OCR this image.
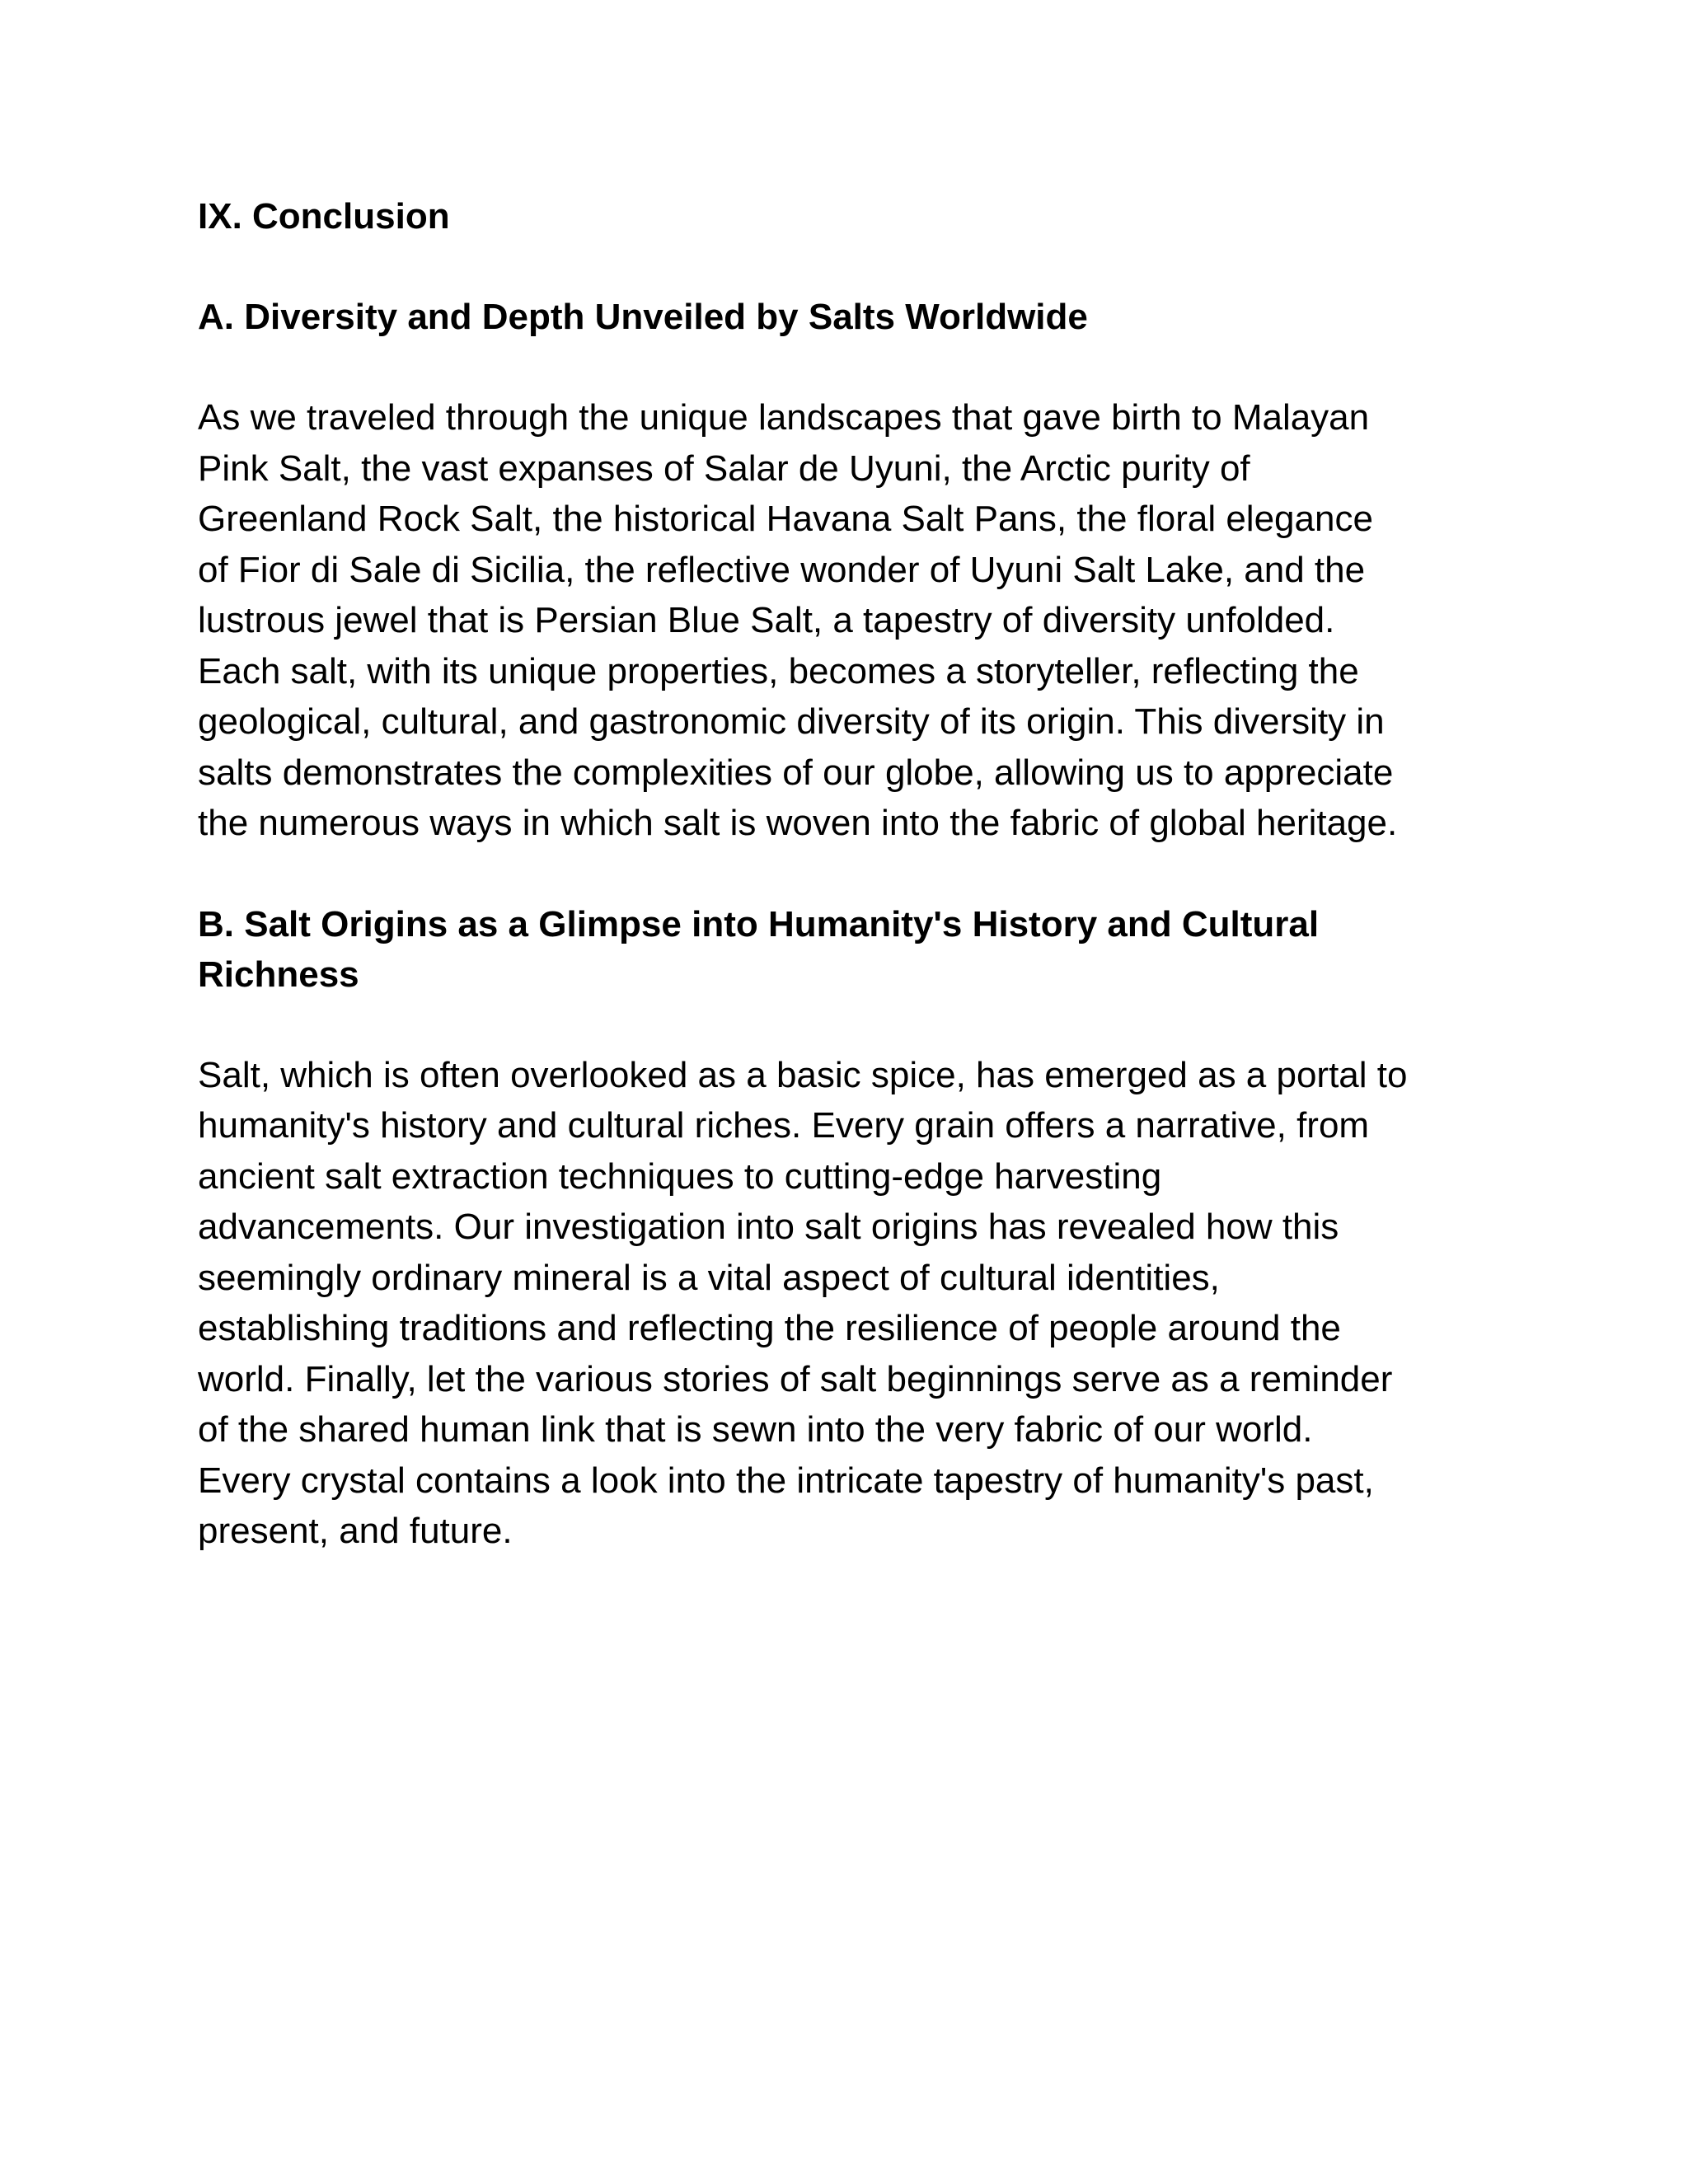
IX. Conclusion
A. Diversity and Depth Unveiled by Salts Worldwide
As we traveled through the unique landscapes that gave birth to Malayan
Pink Salt, the vast expanses of Salar de Uyuni, the Arctic purity of
Greenland Rock Salt, the historical Havana Salt Pans, the floral elegance
of Fior di Sale di Sicilia, the reflective wonder of Uyuni Salt Lake, and the
lustrous jewel that is Persian Blue Salt, a tapestry of diversity unfolded.
Each salt, with its unique properties, becomes a storyteller, reflecting the
geological, cultural, and gastronomic diversity of its origin. This diversity in
salts demonstrates the complexities of our globe, allowing us to appreciate
the numerous ways in which salt is woven into the fabric of global heritage.
B. Salt Origins as a Glimpse into Humanity's History and Cultural
Richness
Salt, which is often overlooked as a basic spice, has emerged as a portal to
humanity's history and cultural riches. Every grain offers a narrative, from
ancient salt extraction techniques to cutting-edge harvesting
advancements. Our investigation into salt origins has revealed how this
seemingly ordinary mineral is a vital aspect of cultural identities,
establishing traditions and reflecting the resilience of people around the
world. Finally, let the various stories of salt beginnings serve as a reminder
of the shared human link that is sewn into the very fabric of our world.
Every crystal contains a look into the intricate tapestry of humanity's past,
present, and future.
